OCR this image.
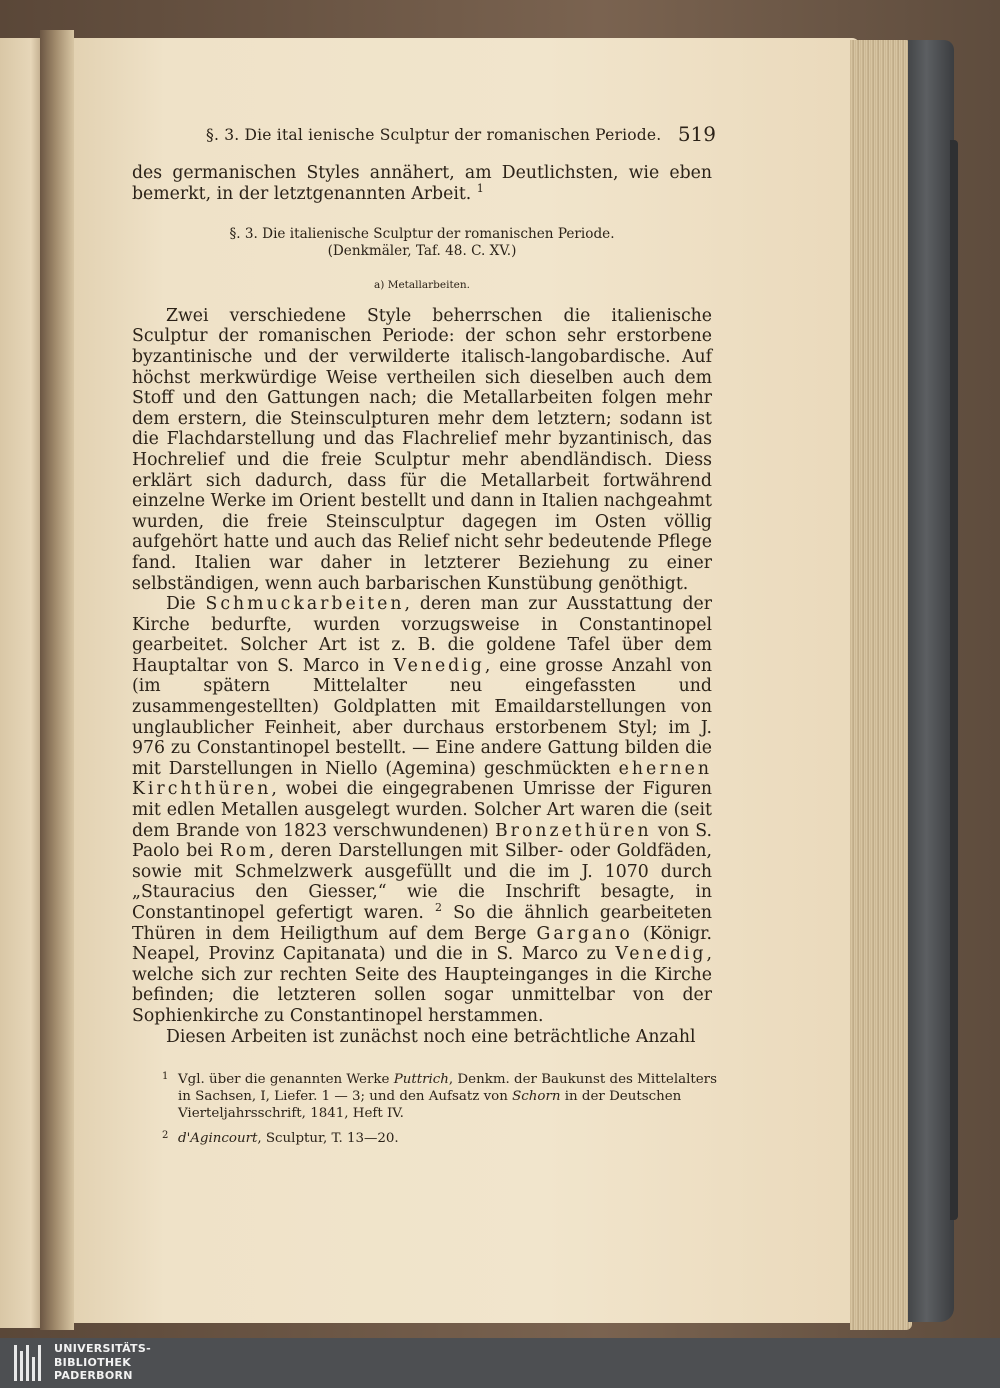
§. 3. Die ital ienische Sculptur der romanischen Periode. 519

des germanischen Styles annähert, am Deutlichsten, wie eben bemerkt, in der letztgenannten Arbeit. $^1$

§. 3. Die italienische Sculptur der romanischen Periode.
(Denkmäler, Taf. 48. C. XV.)
a) Metallarbeiten.

Zwei verschiedene Style beherrschen die italienische Sculptur der romanischen Periode: der schon sehr erstorbene byzantinische und der verwilderte italisch-langobardische. Auf höchst merkwürdige Weise vertheilen sich dieselben auch dem Stoff und den Gattungen nach; die Metallarbeiten folgen mehr dem erstern, die Steinsculpturen mehr dem letztern; sodann ist die Flachdarstellung und das Flachrelief mehr byzantinisch, das Hochrelief und die freie Sculptur mehr abendländisch. Diess erklärt sich dadurch, dass für die Metallarbeit fortwährend einzelne Werke im Orient bestellt und dann in Italien nachgeahmt wurden, die freie Steinsculptur dagegen im Osten völlig aufgehört hatte und auch das Relief nicht sehr bedeutende Pflege fand. Italien war daher in letzterer Beziehung zu einer selbständigen, wenn auch barbarischen Kunstübung genöthigt.

Die Schmuckarbeiten, deren man zur Ausstattung der Kirche bedurfte, wurden vorzugsweise in Constantinopel gearbeitet. Solcher Art ist z. B. die goldene Tafel über dem Hauptaltar von S. Marco in Venedig, eine grosse Anzahl von (im spätern Mittelalter neu eingefassten und zusammengestellten) Goldplatten mit Emaildarstellungen von unglaublicher Feinheit, aber durchaus erstorbenem Styl; im J. 976 zu Constantinopel bestellt. — Eine andere Gattung bilden die mit Darstellungen in Niello (Agemina) geschmückten ehernen Kirchthüren, wobei die eingegrabenen Umrisse der Figuren mit edlen Metallen ausgelegt wurden. Solcher Art waren die (seit dem Brande von 1823 verschwundenen) Bronzethüren von S. Paolo bei Rom, deren Darstellungen mit Silber- oder Goldfäden, sowie mit Schmelzwerk ausgefüllt und die im J. 1070 durch „Stauracius den Giesser,“ wie die Inschrift besagte, in Constantinopel gefertigt waren. $^2$ So die ähnlich gearbeiteten Thüren in dem Heiligthum auf dem Berge Gargano (Königr. Neapel, Provinz Capitanata) und die in S. Marco zu Venedig, welche sich zur rechten Seite des Haupteinganges in die Kirche befinden; die letzteren sollen sogar unmittelbar von der Sophienkirche zu Constantinopel herstammen.

Diesen Arbeiten ist zunächst noch eine beträchtliche Anzahl

1 Vgl. über die genannten Werke Puttrich, Denkm. der Baukunst des Mittelalters in Sachsen, I, Liefer. 1 — 3; und den Aufsatz von Schorn in der Deutschen Vierteljahrsschrift, 1841, Heft IV.

2 d'Agincourt, Sculptur, T. 13—20.

UNIVERSITÄTS-
BIBLIOTHEK
PADERBORN
